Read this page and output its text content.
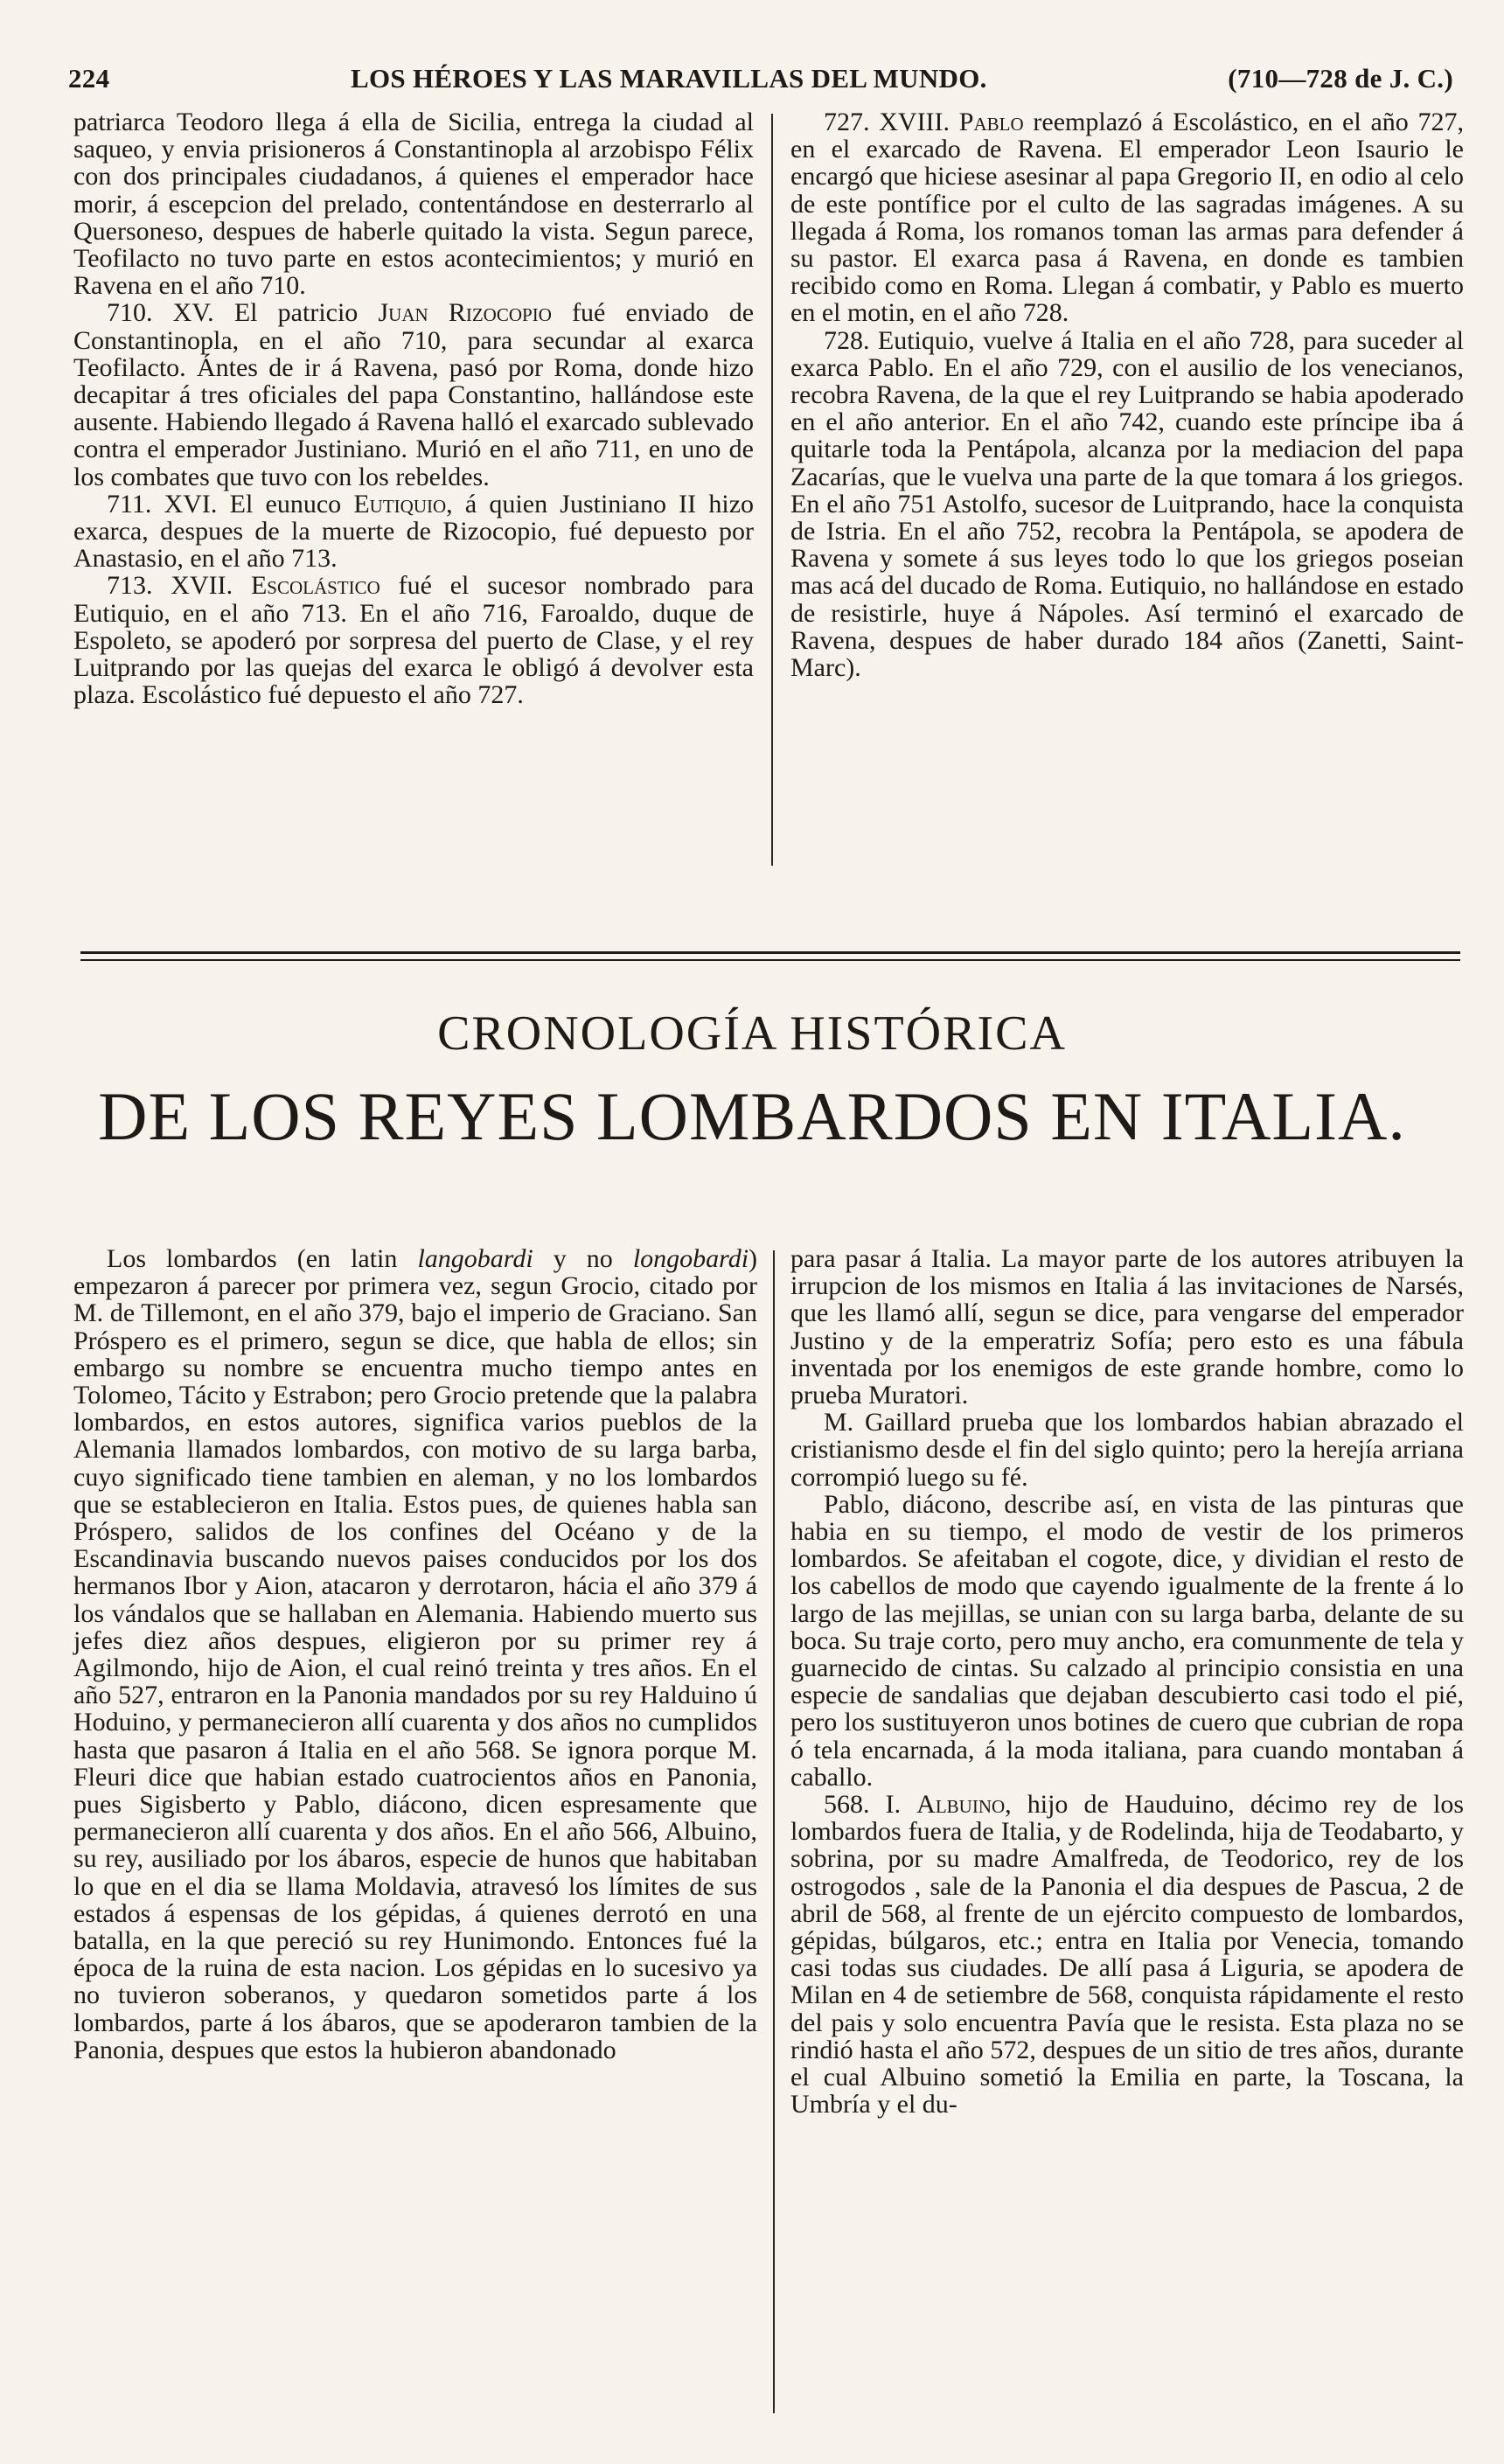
224	LOS HÉROES Y LAS MARAVILLAS DEL MUNDO.	(710—728 de J. C.)

patriarca Teodoro llega á ella de Sicilia, entrega la ciudad al saqueo, y envia prisioneros á Constantinopla al arzobispo Félix con dos principales ciudadanos, á quienes el emperador hace morir, á escepcion del prelado, contentándose en desterrarlo al Quersoneso, despues de haberle quitado la vista. Segun parece, Teofilacto no tuvo parte en estos acontecimientos; y murió en Ravena en el año 710.

710. XV. El patricio Juan Rizocopio fué enviado de Constantinopla, en el año 710, para secundar al exarca Teofilacto. Ántes de ir á Ravena, pasó por Roma, donde hizo decapitar á tres oficiales del papa Constantino, hallándose este ausente. Habiendo llegado á Ravena halló el exarcado sublevado contra el emperador Justiniano. Murió en el año 711, en uno de los combates que tuvo con los rebeldes.

711. XVI. El eunuco Eutiquio, á quien Justiniano II hizo exarca, despues de la muerte de Rizocopio, fué depuesto por Anastasio, en el año 713.

713. XVII. Escolástico fué el sucesor nombrado para Eutiquio, en el año 713. En el año 716, Faroaldo, duque de Espoleto, se apoderó por sorpresa del puerto de Clase, y el rey Luitprando por las quejas del exarca le obligó á devolver esta plaza. Escolástico fué depuesto el año 727.

727. XVIII. Pablo reemplazó á Escolástico, en el año 727, en el exarcado de Ravena. El emperador Leon Isaurio le encargó que hiciese asesinar al papa Gregorio II, en odio al celo de este pontífice por el culto de las sagradas imágenes. A su llegada á Roma, los romanos toman las armas para defender á su pastor. El exarca pasa á Ravena, en donde es tambien recibido como en Roma. Llegan á combatir, y Pablo es muerto en el motin, en el año 728.

728. Eutiquio, vuelve á Italia en el año 728, para suceder al exarca Pablo. En el año 729, con el ausilio de los venecianos, recobra Ravena, de la que el rey Luitprando se habia apoderado en el año anterior. En el año 742, cuando este príncipe iba á quitarle toda la Pentápola, alcanza por la mediacion del papa Zacarías, que le vuelva una parte de la que tomara á los griegos. En el año 751 Astolfo, sucesor de Luitprando, hace la conquista de Istria. En el año 752, recobra la Pentápola, se apodera de Ravena y somete á sus leyes todo lo que los griegos poseian mas acá del ducado de Roma. Eutiquio, no hallándose en estado de resistirle, huye á Nápoles. Así terminó el exarcado de Ravena, despues de haber durado 184 años (Zanetti, Saint-Marc).

CRONOLOGÍA HISTÓRICA
DE LOS REYES LOMBARDOS EN ITALIA.

Los lombardos (en latin langobardi y no longobardi) empezaron á parecer por primera vez, segun Grocio, citado por M. de Tillemont, en el año 379, bajo el imperio de Graciano. San Próspero es el primero, segun se dice, que habla de ellos; sin embargo su nombre se encuentra mucho tiempo antes en Tolomeo, Tácito y Estrabon; pero Grocio pretende que la palabra lombardos, en estos autores, significa varios pueblos de la Alemania llamados lombardos, con motivo de su larga barba, cuyo significado tiene tambien en aleman, y no los lombardos que se establecieron en Italia. Estos pues, de quienes habla san Próspero, salidos de los confines del Océano y de la Escandinavia buscando nuevos paises conducidos por los dos hermanos Ibor y Aion, atacaron y derrotaron, hácia el año 379 á los vándalos que se hallaban en Alemania. Habiendo muerto sus jefes diez años despues, eligieron por su primer rey á Agilmondo, hijo de Aion, el cual reinó treinta y tres años. En el año 527, entraron en la Panonia mandados por su rey Halduino ú Hoduino, y permanecieron allí cuarenta y dos años no cumplidos hasta que pasaron á Italia en el año 568. Se ignora porque M. Fleuri dice que habian estado cuatrocientos años en Panonia, pues Sigisberto y Pablo, diácono, dicen espresamente que permanecieron allí cuarenta y dos años. En el año 566, Albuino, su rey, ausiliado por los ábaros, especie de hunos que habitaban lo que en el dia se llama Moldavia, atravesó los límites de sus estados á espensas de los gépidas, á quienes derrotó en una batalla, en la que pereció su rey Hunimondo. Entonces fué la época de la ruina de esta nacion. Los gépidas en lo sucesivo ya no tuvieron soberanos, y quedaron sometidos parte á los lombardos, parte á los ábaros, que se apoderaron tambien de la Panonia, despues que estos la hubieron abandonado

para pasar á Italia. La mayor parte de los autores atribuyen la irrupcion de los mismos en Italia á las invitaciones de Narsés, que les llamó allí, segun se dice, para vengarse del emperador Justino y de la emperatriz Sofía; pero esto es una fábula inventada por los enemigos de este grande hombre, como lo prueba Muratori.

M. Gaillard prueba que los lombardos habian abrazado el cristianismo desde el fin del siglo quinto; pero la herejía arriana corrompió luego su fé.

Pablo, diácono, describe así, en vista de las pinturas que habia en su tiempo, el modo de vestir de los primeros lombardos. Se afeitaban el cogote, dice, y dividian el resto de los cabellos de modo que cayendo igualmente de la frente á lo largo de las mejillas, se unian con su larga barba, delante de su boca. Su traje corto, pero muy ancho, era comunmente de tela y guarnecido de cintas. Su calzado al principio consistia en una especie de sandalias que dejaban descubierto casi todo el pié, pero los sustituyeron unos botines de cuero que cubrian de ropa ó tela encarnada, á la moda italiana, para cuando montaban á caballo.

568. I. Albuino, hijo de Hauduino, décimo rey de los lombardos fuera de Italia, y de Rodelinda, hija de Teodabarto, y sobrina, por su madre Amalfreda, de Teodorico, rey de los ostrogodos , sale de la Panonia el dia despues de Pascua, 2 de abril de 568, al frente de un ejército compuesto de lombardos, gépidas, búlgaros, etc.; entra en Italia por Venecia, tomando casi todas sus ciudades. De allí pasa á Liguria, se apodera de Milan en 4 de setiembre de 568, conquista rápidamente el resto del pais y solo encuentra Pavía que le resista. Esta plaza no se rindió hasta el año 572, despues de un sitio de tres años, durante el cual Albuino sometió la Emilia en parte, la Toscana, la Umbría y el du-
